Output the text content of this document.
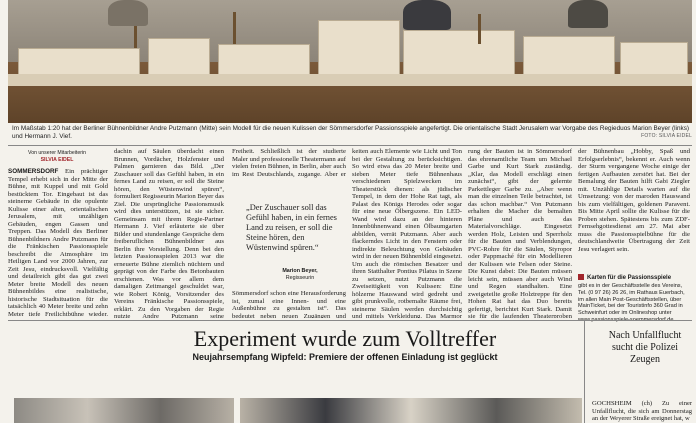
Im Maßstab 1:20 hat der Berliner Bühnenbildner Andre Putzmann (Mitte) sein Modell für die neuen Kulissen der Sömmersdorfer Passionsspiele angefertigt. Die orientalische Stadt Jerusalem war Vorgabe des Regieduos Marion Beyer (links) und Hermann J. Vief.	FOTO: SILVIA EIDEL
Von unserer Mitarbeiterin
SILVIA EIDEL
SÖMMERSDORF Ein prächtiger Tempel erhebt sich in der Mitte der Bühne, mit Kuppel und mit Gold bestücktem Tor. Eingebaut ist das steinerne Gebäude in die opulente Kulisse einer alten, orientalischen Jerusalem, mit unzähligen Gebäuden, engen Gassen und Treppen. Das Modell des Berliner Bühnenbildners Andre Putzmann für die Fränkischen Passionsspiele beschreibt die Atmosphäre im Heiligen Land vor 2000 Jahren, zur Zeit Jesu, eindrucksvoll. Vielfältig und detailreich gibt das gut zwei Meter breite Modell des neuen Bühnenbildes eine realistische, historische Stadtsituation für die tatsächlich 40 Meter breite und zehn Meter tiefe Freilichtbühne wieder.
dachin auf Säulen überdacht einen Brunnen, Vordächer, Holzfenster und Palmen garnieren das Bild. „Der Zuschauer soll das Gefühl haben, in ein fernes Land zu reisen, er soll die Steine hören, den Wüstenwind spüren“, formuliert Regisseurin Marion Beyer das Ziel. Die ursprüngliche Passionsmusik wird dies unterstützen, ist sie sicher. Gemeinsam mit ihrem Regie-Partner Hermann J. Vief erläuterte sie über Bilder und stundenlange Gespräche dem freiberuflichen Bühnenbildner aus Berlin ihre Vorstellung. Denn bei den letzten Passionsspielen 2013 war die erneuerte Bühne ziemlich nüchtern und geprägt von der Farbe des Betonbauten erschienen. Was vor allem dem damaligen Zeitmangel geschuldet war, wie Robert König, Vorsitzender des Vereins Fränkische Passionsspiele, erklärt. Zu den Vorgaben der Regie nutzte Andre Putzmann seine
Freiheit. Schließlich ist der studierte Maler und professionelle Theatermann auf vielen freien Bühnen, in Berlin, aber auch im Rest Deutschlands, zugange. Aber er
„Der Zuschauer soll das Gefühl haben, in ein fernes Land zu reisen, er soll die Steine hören, den Wüstenwind spüren.“
Marion Beyer,
Regisseurin
Sömmersdorf schon eine Herausforderung ist, zumal eine Innen- und eine Außenbühne zu gestalten ist“. Das bedeutet neben neuen Zugängen und
keiten auch Elemente wie Licht und Ton bei der Gestaltung zu berücksichtigen. So wird etwa das 20 Meter breite und sieben Meter tiefe Bühnenhaus verschiedenen Spielzwecken im Theaterstück dienen: als jüdischer Tempel, in dem der Hohe Rat tagt, als Palast des Königs Herodes oder sogar für eine neue Ölbergszene. Ein LED-Wand wird dazu an der hinteren Innenbühnenwand einen Ölbaumgarten abbilden, verrät Putzmann. Aber auch flackerndes Licht in den Fenstern oder indirekte Beleuchtung von Gebäuden wird in der neuen Bühnenbild eingesetzt. Um auch die römischen Besatzer und ihren Statthalter Pontius Pilatus in Szene zu setzen, nutzt Putzmann die Zweiseitigkeit von Kulissen: Eine hölzerne Hauswand wird gedreht und gibt prunkvolle, rotbemalte Räume frei, steinerne Säulen werden durchsichtig und mittels Verkleidung. Das Marmor
rung der Bauten ist in Sömmersdorf das ehrenamtliche Team um Michael Garbe und Kurt Stark zuständig. „Klar, das Modell erschlägt einen zunächst“, gibt der gelernte Parkettleger Garbe zu. „Aber wenn man die einzelnen Teile betrachtet, ist das schon machbar.“ Von Putzmann erhalten die Macher die bemalten Pläne und auch das Materialvorschläge. Eingesetzt werden Holz, Leisten und Sperrholz für die Bauten und Verblendungen, PVC-Rohre für die Säulen, Styropor oder Pappmaché für ein Modellieren der Kulissen wie Felsen oder Steine. Die Kunst dabei: Die Bauten müssen leicht sein, müssen aber auch Wind und Regen standhalten. Eine zweigeteilte große Holztreppe für den Hohen Rat hat das Duo bereits gefertigt, berichtet Kurt Stark. Damit sie für die laufenden Theaterproben
der Bühnenbau „Hobby, Spaß und Erfolgserlebnis“, bekennt er. Auch wenn der Sturm vergangene Woche einige der fertigen Aufbauten zerstört hat. Bei der Bemalung der Bauten hilft Gabi Ziegler mit. Unzählige Details warten auf die Umsetzung: von der maroden Hauswand bis zum vielfältigen, goldenen Paravent. Bis Mitte April sollte die Kulisse für die Proben stehen. Spätestens bis zum ZDF-Fernsehgottesdienst am 27. Mai aber muss die Passionsspielbühne für die deutschlandweite Übertragung der Zeit Jesu verlagert sein.
Karten für die Passionsspiele
gibt es in der Geschäftsstelle des Vereins, Tel. (0 97 26) 26 26, im Rathaus Euerbach, im allen Main Post-Geschäftsstellen, über MainTicket, bei der Touristinfo 360 Grad in Schweinfurt oder im Onlineshop unter
Experiment wurde zum Volltreffer
Neujahrsempfang Wipfeld: Premiere der offenen Einladung ist geglückt
Nach Unfallflucht sucht die Polizei Zeugen
GOCHSHEIM (ch) Zu einer Unfallflucht, die sich am Donnerstag an der Weyerer Straße ereignet hat, w
